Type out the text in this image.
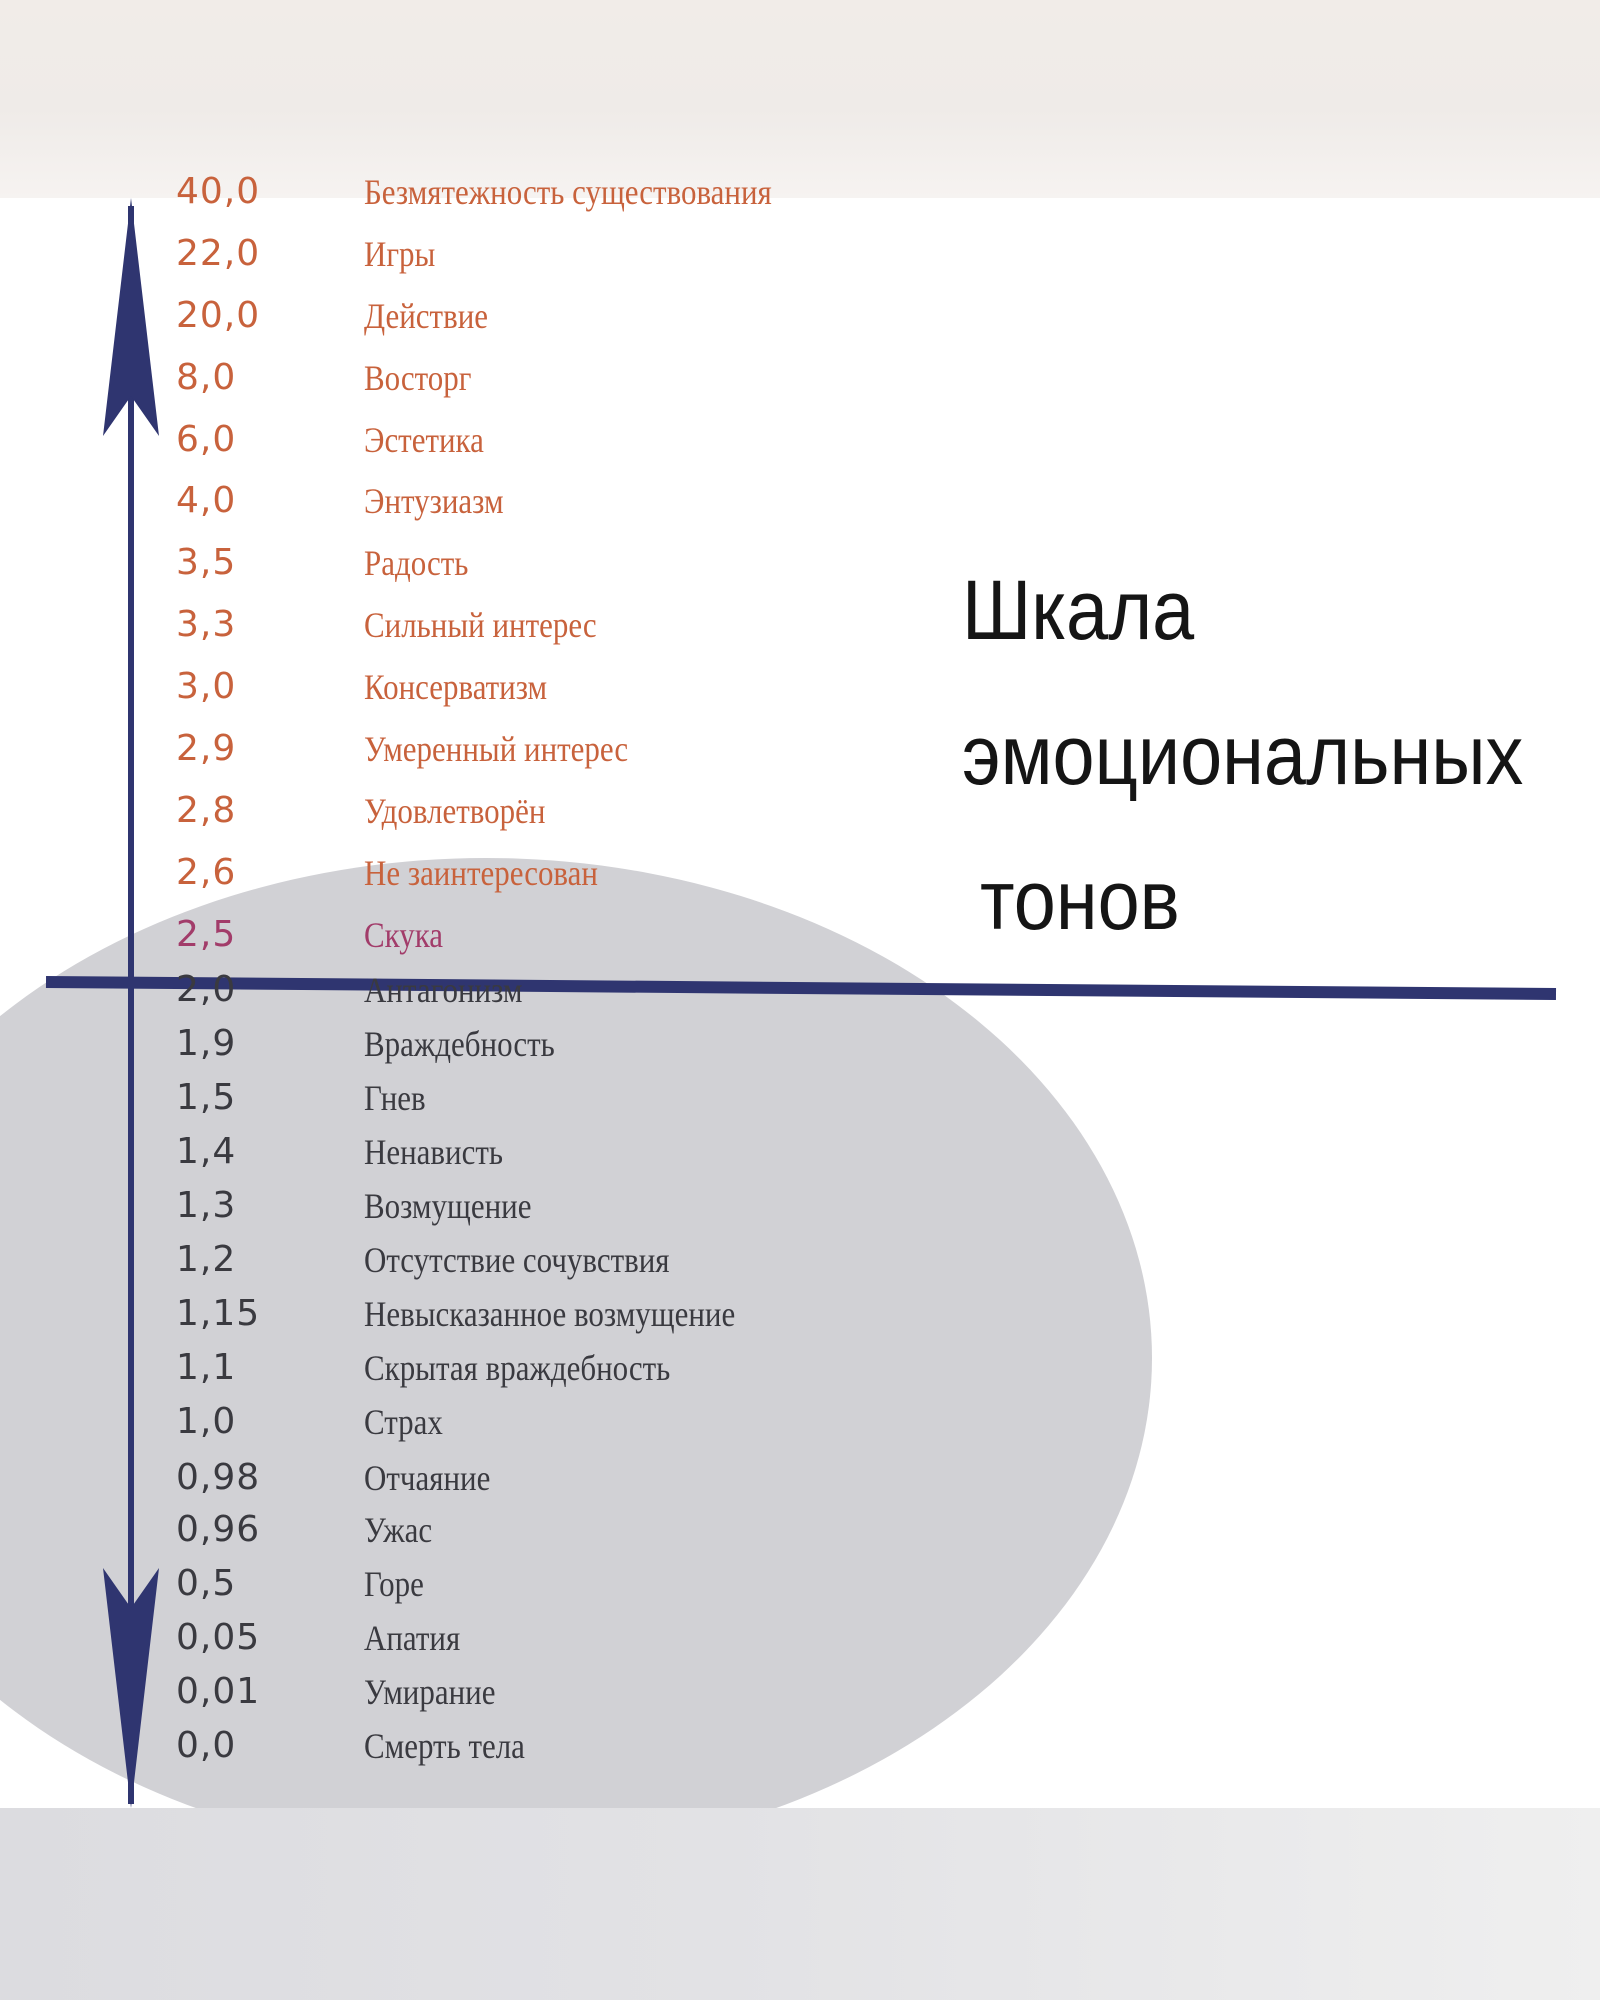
40,0	Безмятежность существования
22,0	Игры
20,0	Действие
8,0	Восторг
6,0	Эстетика
4,0	Энтузиазм
3,5	Радость
3,3	Сильный интерес
3,0	Консерватизм
2,9	Умеренный интерес
2,8	Удовлетворён
2,6	Не заинтересован
2,5	Скука
2,0	Антагонизм
1,9	Враждебность
1,5	Гнев
1,4	Ненависть
1,3	Возмущение
1,2	Отсутствие сочувствия
1,15	Невысказанное возмущение
1,1	Скрытая враждебность
1,0	Страх
0,98	Отчаяние
0,96	Ужас
0,5	Горе
0,05	Апатия
0,01	Умирание
0,0	Смерть тела
Шкала
эмоциональных
тонов
